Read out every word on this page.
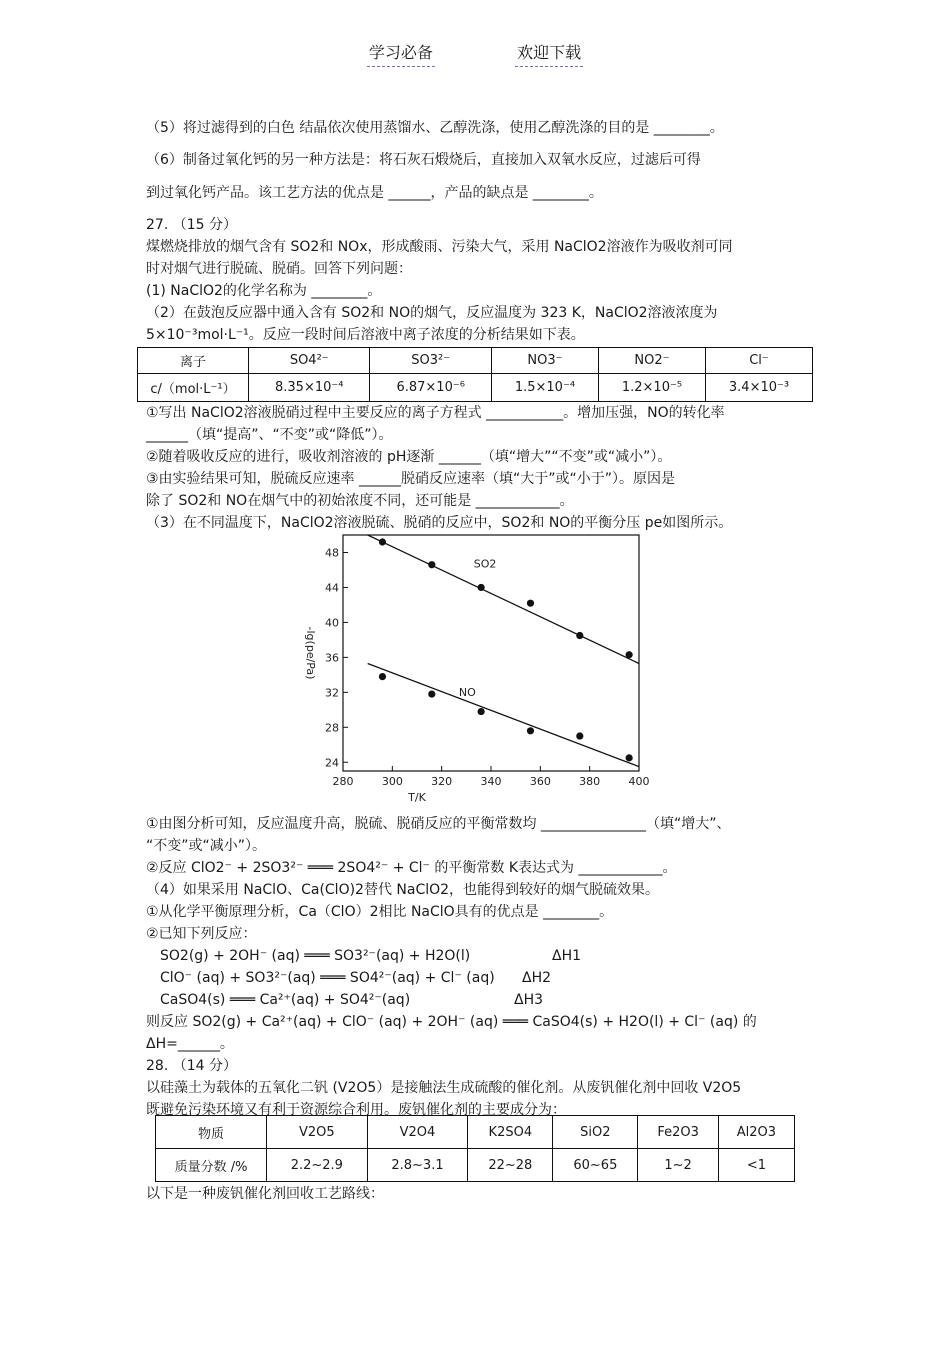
学习必备	欢迎下载
（5）将过滤得到的白色 结晶依次使用蒸馏水、乙醇洗涤，使用乙醇洗涤的目的是 ________。
（6）制备过氧化钙的另一种方法是：将石灰石煅烧后，直接加入双氧水反应，过滤后可得
到过氧化钙产品。该工艺方法的优点是 ______，产品的缺点是 ________。
27. （15 分）
煤燃烧排放的烟气含有 SO2和 NOx，形成酸雨、污染大气，采用 NaClO2溶液作为吸收剂可同
时对烟气进行脱硫、脱硝。回答下列问题：
(1) NaClO2的化学名称为 ________。
（2）在鼓泡反应器中通入含有 SO2和 NO的烟气，反应温度为 323 K，NaClO2溶液浓度为
5×10⁻³mol·L⁻¹。反应一段时间后溶液中离子浓度的分析结果如下表。
离子	SO4²⁻	SO3²⁻	NO3⁻	NO2⁻	Cl⁻
c/（mol·L⁻¹）	8.35×10⁻⁴	6.87×10⁻⁶	1.5×10⁻⁴	1.2×10⁻⁵	3.4×10⁻³
①写出 NaClO2溶液脱硝过程中主要反应的离子方程式 ___________。增加压强，NO的转化率
______（填“提高”、“不变”或“降低”）。
②随着吸收反应的进行，吸收剂溶液的 pH逐渐 ______（填“增大”“不变”或“减小”）。
③由实验结果可知，脱硫反应速率 ______脱硝反应速率（填“大于”或“小于”）。原因是
除了 SO2和 NO在烟气中的初始浓度不同，还可能是 ____________。
（3）在不同温度下，NaClO2溶液脱硫、脱硝的反应中，SO2和 NO的平衡分压 pe如图所示。
24
28
32
36
40
44
48
280	300	320	340	360	380	400
SO2
NO
T/K
-lg(pe/Pa)
①由图分析可知，反应温度升高，脱硫、脱硝反应的平衡常数均 _______________（填“增大”、
“不变”或“减小”）。
②反应 ClO2⁻ + 2SO3²⁻ ═══ 2SO4²⁻ + Cl⁻ 的平衡常数 K表达式为 ____________。
（4）如果采用 NaClO、Ca(ClO)2替代 NaClO2，也能得到较好的烟气脱硫效果。
①从化学平衡原理分析，Ca（ClO）2相比 NaClO具有的优点是 ________。
②已知下列反应：
SO2(g) + 2OH⁻ (aq) ═══ SO3²⁻(aq) + H2O(l)	ΔH1
ClO⁻ (aq) + SO3²⁻(aq) ═══ SO4²⁻(aq) + Cl⁻ (aq) ΔH2
CaSO4(s) ═══ Ca²⁺(aq) + SO4²⁻(aq)	ΔH3
则反应 SO2(g) + Ca²⁺(aq) + ClO⁻ (aq) + 2OH⁻ (aq) ═══ CaSO4(s) + H2O(l) + Cl⁻ (aq) 的
ΔH=______。
28. （14 分）
以硅藻土为载体的五氧化二钒 (V2O5）是接触法生成硫酸的催化剂。从废钒催化剂中回收 V2O5
既避免污染环境又有利于资源综合利用。废钒催化剂的主要成分为：
物质	V2O5	V2O4	K2SO4	SiO2	Fe2O3	Al2O3
质量分数 /%	2.2~2.9	2.8~3.1	22~28	60~65	1~2	<1
以下是一种废钒催化剂回收工艺路线：
